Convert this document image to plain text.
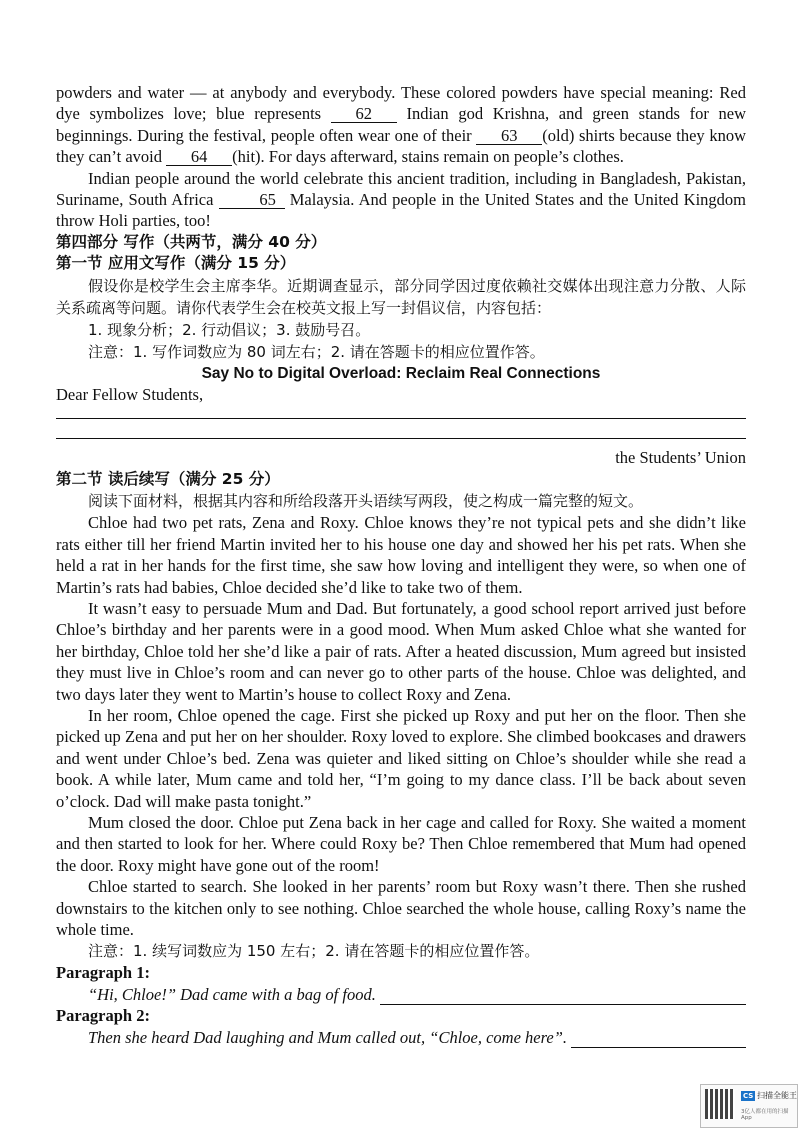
powders and water — at anybody and everybody. These colored powders have special meaning: Red dye symbolizes love; blue represents 62 Indian god Krishna, and green stands for new beginnings. During the festival, people often wear one of their 63 (old) shirts because they know they can’t avoid 64 (hit). For days afterward, stains remain on people’s clothes.

Indian people around the world celebrate this ancient tradition, including in Bangladesh, Pakistan, Suriname, South Africa 65 Malaysia. And people in the United States and the United Kingdom throw Holi parties, too!

第四部分 写作（共两节，满分 40 分）

第一节 应用文写作（满分 15 分）

假设你是校学生会主席李华。近期调查显示，部分同学因过度依赖社交媒体出现注意力分散、人际关系疏离等问题。请你代表学生会在校英文报上写一封倡议信，内容包括：

1. 现象分析；2. 行动倡议；3. 鼓励号召。

注意：1. 写作词数应为 80 词左右；2. 请在答题卡的相应位置作答。

Say No to Digital Overload: Reclaim Real Connections

Dear Fellow Students,

the Students’ Union

第二节 读后续写（满分 25 分）

阅读下面材料，根据其内容和所给段落开头语续写两段，使之构成一篇完整的短文。

Chloe had two pet rats, Zena and Roxy. Chloe knows they’re not typical pets and she didn’t like rats either till her friend Martin invited her to his house one day and showed her his pet rats. When she held a rat in her hands for the first time, she saw how loving and intelligent they were, so when one of Martin’s rats had babies, Chloe decided she’d like to take two of them.

It wasn’t easy to persuade Mum and Dad. But fortunately, a good school report arrived just before Chloe’s birthday and her parents were in a good mood. When Mum asked Chloe what she wanted for her birthday, Chloe told her she’d like a pair of rats. After a heated discussion, Mum agreed but insisted they must live in Chloe’s room and can never go to other parts of the house. Chloe was delighted, and two days later they went to Martin’s house to collect Roxy and Zena.

In her room, Chloe opened the cage. First she picked up Roxy and put her on the floor. Then she picked up Zena and put her on her shoulder. Roxy loved to explore. She climbed bookcases and drawers and went under Chloe’s bed. Zena was quieter and liked sitting on Chloe’s shoulder while she read a book. A while later, Mum came and told her, “I’m going to my dance class. I’ll be back about seven o’clock. Dad will make pasta tonight.”

Mum closed the door. Chloe put Zena back in her cage and called for Roxy. She waited a moment and then started to look for her. Where could Roxy be? Then Chloe remembered that Mum had opened the door. Roxy might have gone out of the room!

Chloe started to search. She looked in her parents’ room but Roxy wasn’t there. Then she rushed downstairs to the kitchen only to see nothing. Chloe searched the whole house, calling Roxy’s name the whole time.

注意：1. 续写词数应为 150 左右；2. 请在答题卡的相应位置作答。

Paragraph 1:

“Hi, Chloe!” Dad came with a bag of food.

Paragraph 2:

Then she heard Dad laughing and Mum called out, “Chloe, come here”.

CS 扫描全能王
3亿人都在用的扫描App
